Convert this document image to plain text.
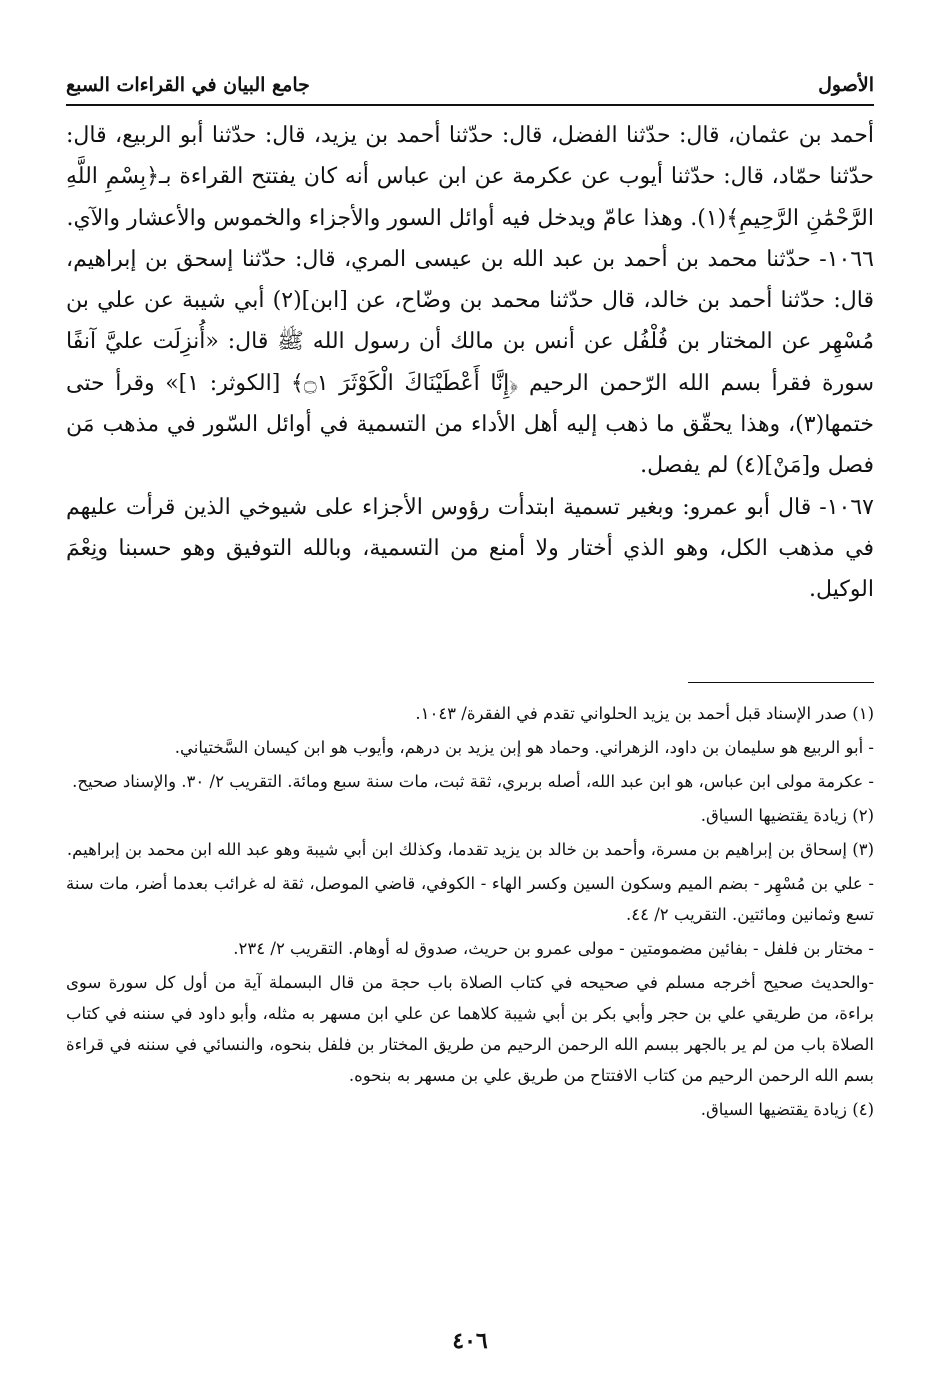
الأصول
جامع البيان في القراءات السبع

أحمد بن عثمان، قال: حدّثنا الفضل، قال: حدّثنا أحمد بن يزيد، قال: حدّثنا أبو الربيع، قال: حدّثنا حمّاد، قال: حدّثنا أيوب عن عكرمة عن ابن عباس أنه كان يفتتح القراءة بـ﴿بِسْمِ اللَّهِ الرَّحْمَٰنِ الرَّحِيمِ﴾(١). وهذا عامّ ويدخل فيه أوائل السور والأجزاء والخموس والأعشار والآي.

١٠٦٦- حدّثنا محمد بن أحمد بن عبد الله بن عيسى المري، قال: حدّثنا إسحق بن إبراهيم، قال: حدّثنا أحمد بن خالد، قال حدّثنا محمد بن وضّاح، عن [ابن](٢) أبي شيبة عن علي بن مُسْهِر عن المختار بن فُلْفُل عن أنس بن مالك أن رسول الله ﷺ قال: «أُنزِلَت عليَّ آنفًا سورة فقرأ بسم الله الرّحمن الرحيم ﴿إِنَّا أَعْطَيْنَاكَ الْكَوْثَرَ ۝١﴾ [الكوثر: ١]» وقرأ حتى ختمها(٣)، وهذا يحقّق ما ذهب إليه أهل الأداء من التسمية في أوائل السّور في مذهب مَن فصل و[مَنْ](٤) لم يفصل.

١٠٦٧- قال أبو عمرو: وبغير تسمية ابتدأت رؤوس الأجزاء على شيوخي الذين قرأت عليهم في مذهب الكل، وهو الذي أختار ولا أمنع من التسمية، وبالله التوفيق وهو حسبنا ونِعْمَ الوكيل.

(١) صدر الإسناد قبل أحمد بن يزيد الحلواني تقدم في الفقرة/ ١٠٤٣.

- أبو الربيع هو سليمان بن داود، الزهراني. وحماد هو إبن يزيد بن درهم، وأيوب هو ابن كيسان السَّختياني.

- عكرمة مولى ابن عباس، هو ابن عبد الله، أصله بربري، ثقة ثبت، مات سنة سبع ومائة. التقريب ٢/ ٣٠. والإسناد صحيح.

(٢) زيادة يقتضيها السياق.

(٣) إسحاق بن إبراهيم بن مسرة، وأحمد بن خالد بن يزيد تقدما، وكذلك ابن أبي شيبة وهو عبد الله ابن محمد بن إبراهيم.

- علي بن مُسْهِر - بضم الميم وسكون السين وكسر الهاء - الكوفي، قاضي الموصل، ثقة له غرائب بعدما أضر، مات سنة تسع وثمانين ومائتين. التقريب ٢/ ٤٤.

- مختار بن فلفل - بفائين مضمومتين - مولى عمرو بن حريث، صدوق له أوهام. التقريب ٢/ ٢٣٤.

-والحديث صحيح أخرجه مسلم في صحيحه في كتاب الصلاة باب حجة من قال البسملة آية من أول كل سورة سوى براءة، من طريقي علي بن حجر وأبي بكر بن أبي شيبة كلاهما عن علي ابن مسهر به مثله، وأبو داود في سننه في كتاب الصلاة باب من لم ير بالجهر ببسم الله الرحمن الرحيم من طريق المختار بن فلفل بنحوه، والنسائي في سننه في قراءة بسم الله الرحمن الرحيم من كتاب الافتتاح من طريق علي بن مسهر به بنحوه.

(٤) زيادة يقتضيها السياق.

٤٠٦
